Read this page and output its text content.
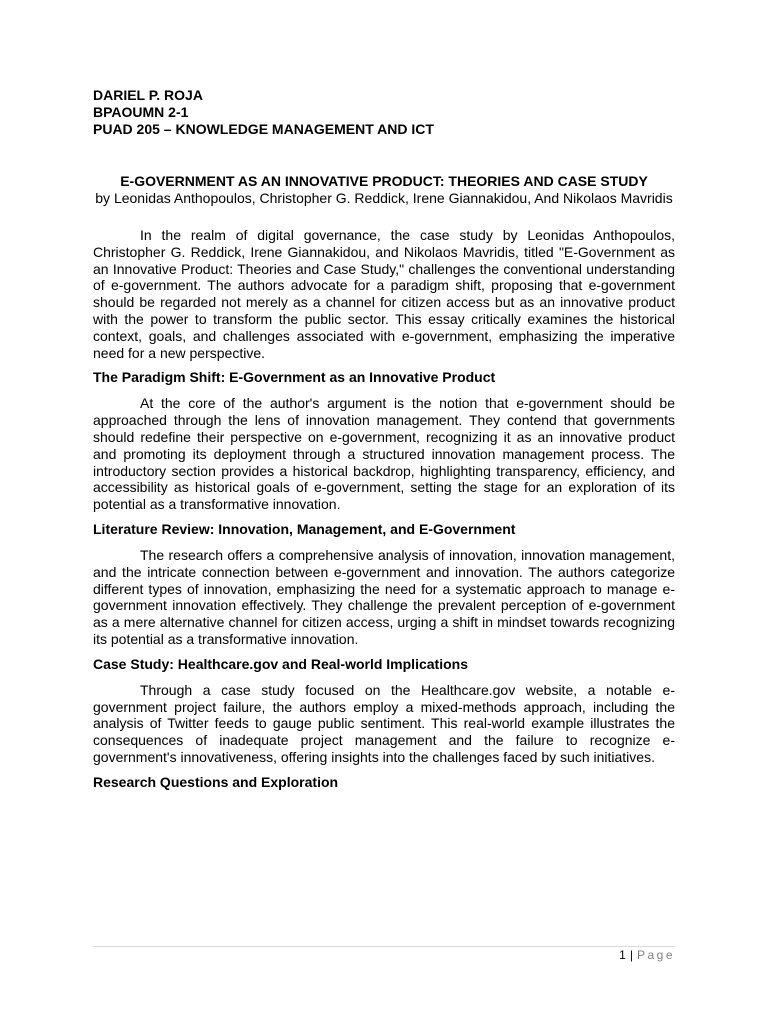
DARIEL P. ROJA

BPAOUMN 2-1

PUAD 205 – KNOWLEDGE MANAGEMENT AND ICT

E-GOVERNMENT AS AN INNOVATIVE PRODUCT: THEORIES AND CASE STUDY
by Leonidas Anthopoulos, Christopher G. Reddick, Irene Giannakidou, And Nikolaos Mavridis

In the realm of digital governance, the case study by Leonidas Anthopoulos, Christopher G. Reddick, Irene Giannakidou, and Nikolaos Mavridis, titled "E-Government as an Innovative Product: Theories and Case Study," challenges the conventional understanding of e-government. The authors advocate for a paradigm shift, proposing that e-government should be regarded not merely as a channel for citizen access but as an innovative product with the power to transform the public sector. This essay critically examines the historical context, goals, and challenges associated with e-government, emphasizing the imperative need for a new perspective.

The Paradigm Shift: E-Government as an Innovative Product

At the core of the author's argument is the notion that e-government should be approached through the lens of innovation management. They contend that governments should redefine their perspective on e-government, recognizing it as an innovative product and promoting its deployment through a structured innovation management process. The introductory section provides a historical backdrop, highlighting transparency, efficiency, and accessibility as historical goals of e-government, setting the stage for an exploration of its potential as a transformative innovation.

Literature Review: Innovation, Management, and E-Government

The research offers a comprehensive analysis of innovation, innovation management, and the intricate connection between e-government and innovation. The authors categorize different types of innovation, emphasizing the need for a systematic approach to manage e-government innovation effectively. They challenge the prevalent perception of e-government as a mere alternative channel for citizen access, urging a shift in mindset towards recognizing its potential as a transformative innovation.

Case Study: Healthcare.gov and Real-world Implications

Through a case study focused on the Healthcare.gov website, a notable e-government project failure, the authors employ a mixed-methods approach, including the analysis of Twitter feeds to gauge public sentiment. This real-world example illustrates the consequences of inadequate project management and the failure to recognize e-government's innovativeness, offering insights into the challenges faced by such initiatives.

Research Questions and Exploration
1 | Page
